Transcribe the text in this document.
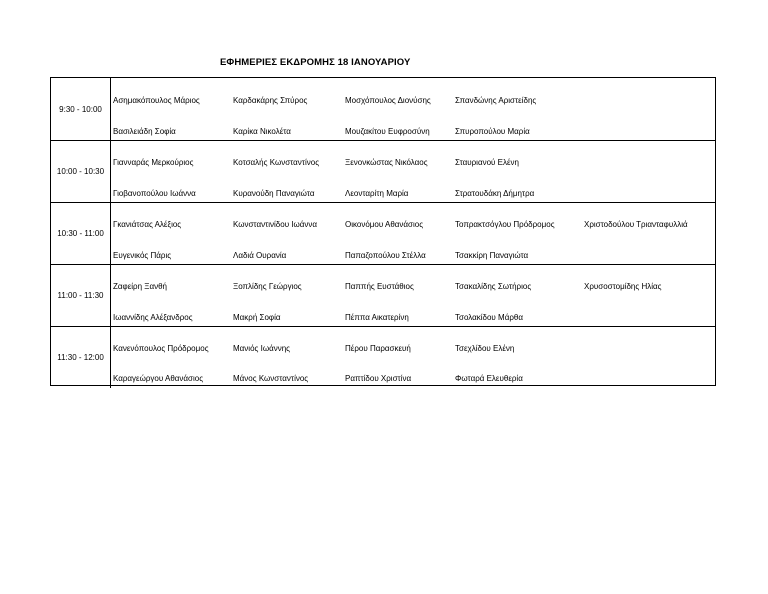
ΕΦΗΜΕΡΙΕΣ ΕΚΔΡΟΜΗΣ 18 ΙΑΝΟΥΑΡΙΟΥ
9:30 - 10:00
Ασημακόπουλος Μάριος	Καρδακάρης Σπύρος	Μοσχόπουλος Διονύσης	Σπανδώνης Αριστείδης
Βασιλειάδη Σοφία	Καρίκα Νικολέτα	Μουζακίτου Ευφροσύνη	Σπυροπούλου Μαρία
10:00 - 10:30
Γιανναράς Μερκούριος	Κοτσαλής Κωνσταντίνος	Ξενονκώστας Νικόλαος	Σταυριανού Ελένη
Γιοβανοπούλου Ιωάννα	Κυρανούδη Παναγιώτα	Λεονταρίτη Μαρία	Στρατουδάκη Δήμητρα
10:30 - 11:00
Γκανιάτσας Αλέξιος	Κωνσταντινίδου Ιωάννα	Οικονόμου Αθανάσιος	Τοπρακτσόγλου Πρόδρομος	Χριστοδούλου Τριανταφυλλιά
Ευγενικός Πάρις	Λαδιά Ουρανία	Παπαζοπούλου Στέλλα	Τσακκίρη Παναγιώτα
11:00 - 11:30
Ζαφείρη Ξανθή	Ξοπλίδης Γεώργιος	Παππής Ευστάθιος	Τσακαλίδης Σωτήριος	Χρυσοστομίδης Ηλίας
Ιωαννίδης Αλέξανδρος	Μακρή Σοφία	Πέππα Αικατερίνη	Τσολακίδου Μάρθα
11:30 - 12:00
Κανενόπουλος Πρόδρομος	Μανιός Ιωάννης	Πέρου Παρασκευή	Τσεχλίδου Ελένη
Καραγεώργου Αθανάσιος	Μάνος Κωνσταντίνος	Ραπτίδου Χριστίνα	Φωταρά Ελευθερία
